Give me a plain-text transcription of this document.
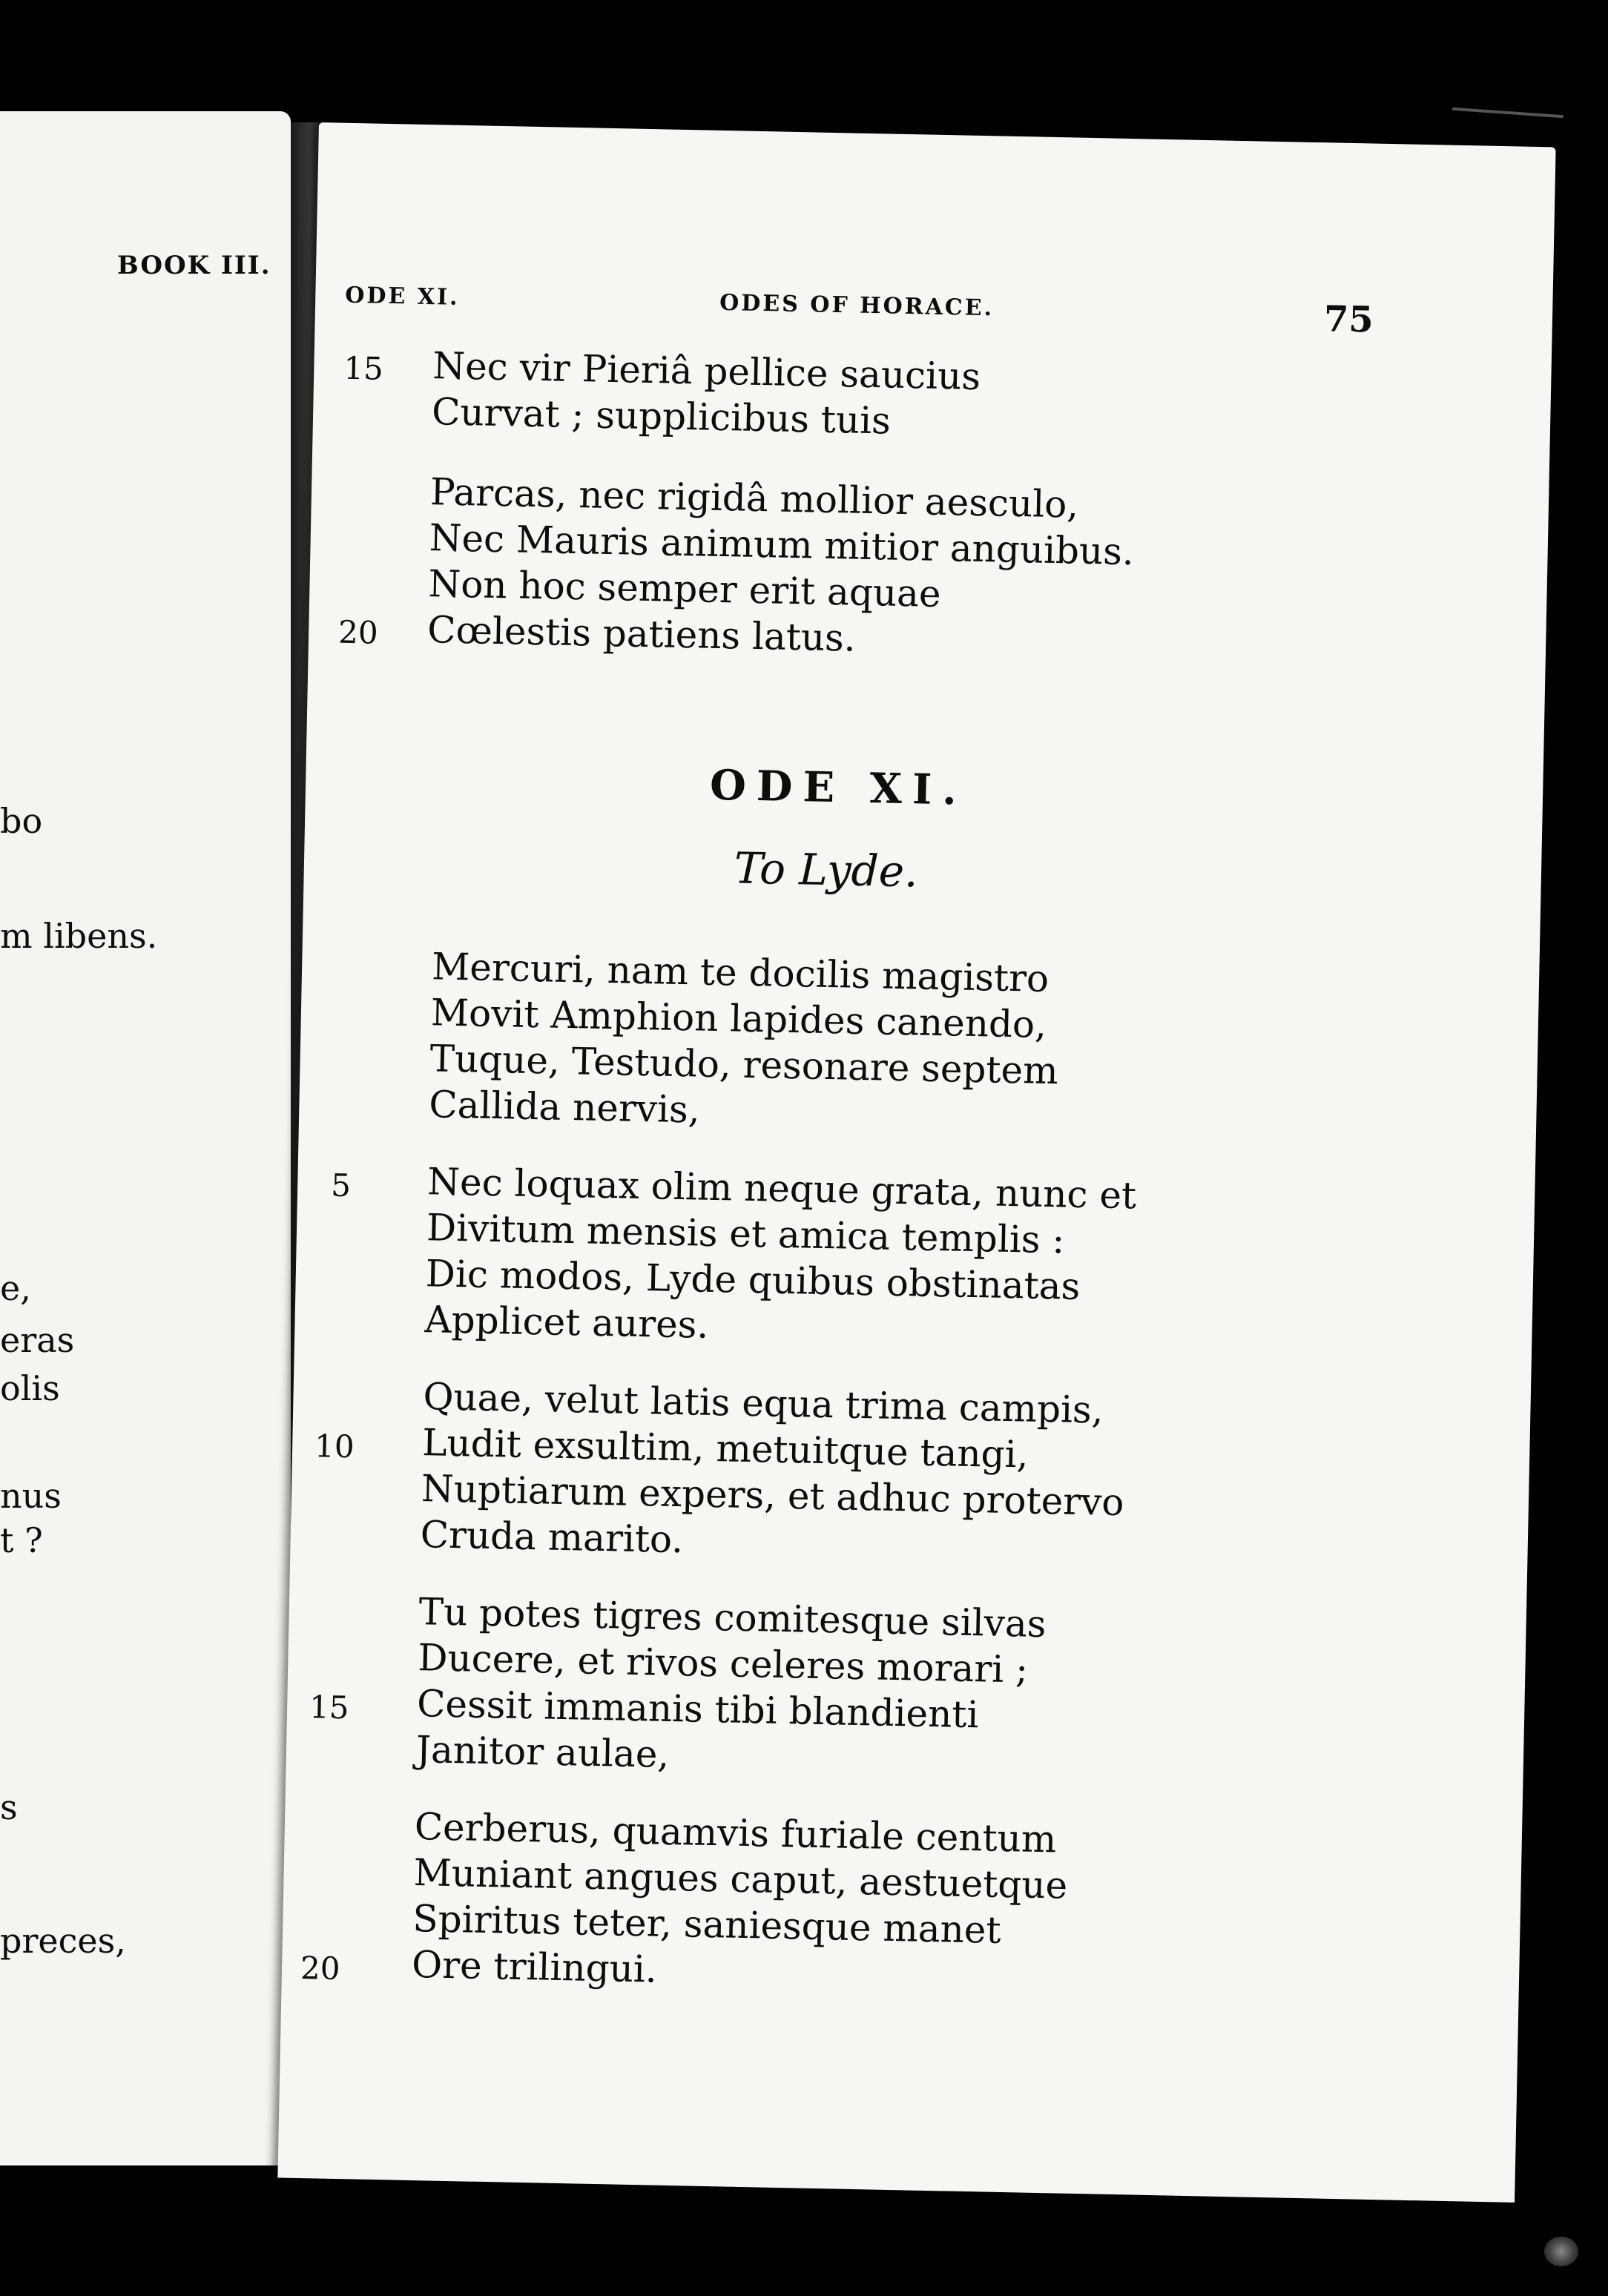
BOOK III.
bo
m libens.
e,
eras
olis
nus
t ?
s
preces,
ODE XI.	ODES OF HORACE.	75
15 Nec vir Pieriâ pellice saucius
Curvat ; supplicibus tuis
Parcas, nec rigidâ mollior aesculo,
Nec Mauris animum mitior anguibus.
Non hoc semper erit aquae
20 Cœlestis patiens latus.
ODE XI.
To Lyde.
Mercuri, nam te docilis magistro
Movit Amphion lapides canendo,
Tuque, Testudo, resonare septem
Callida nervis,
5 Nec loquax olim neque grata, nunc et
Divitum mensis et amica templis :
Dic modos, Lyde quibus obstinatas
Applicet aures.
Quae, velut latis equa trima campis,
10 Ludit exsultim, metuitque tangi,
Nuptiarum expers, et adhuc protervo
Cruda marito.
Tu potes tigres comitesque silvas
Ducere, et rivos celeres morari ;
15 Cessit immanis tibi blandienti
Janitor aulae,
Cerberus, quamvis furiale centum
Muniant angues caput, aestuetque
Spiritus teter, saniesque manet
20 Ore trilingui.
